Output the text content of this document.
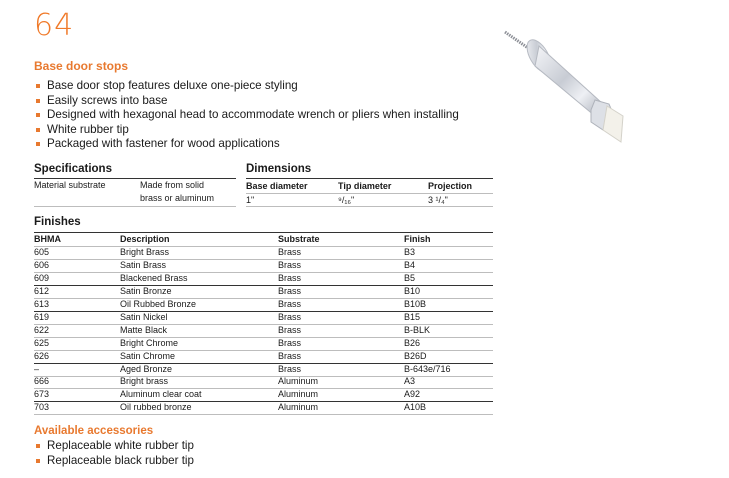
64
Base door stops
Base door stop features deluxe one-piece styling
Easily screws into base
Designed with hexagonal head to accommodate wrench or pliers when installing
White rubber tip
Packaged with fastener for wood applications
Specifications
Material substrate	Made from solid
brass or aluminum
Dimensions
Base diameter	Tip diameter	Projection
1"	⁹/₁₆"	3 ¹/₄"
Finishes
BHMA	Description	Substrate	Finish
605	Bright Brass	Brass	B3
606	Satin Brass	Brass	B4
609	Blackened Brass	Brass	B5
612	Satin Bronze	Brass	B10
613	Oil Rubbed Bronze	Brass	B10B
619	Satin Nickel	Brass	B15
622	Matte Black	Brass	B-BLK
625	Bright Chrome	Brass	B26
626	Satin Chrome	Brass	B26D
–	Aged Bronze	Brass	B-643e/716
666	Bright brass	Aluminum	A3
673	Aluminum clear coat	Aluminum	A92
703	Oil rubbed bronze	Aluminum	A10B
Available accessories
Replaceable white rubber tip
Replaceable black rubber tip
